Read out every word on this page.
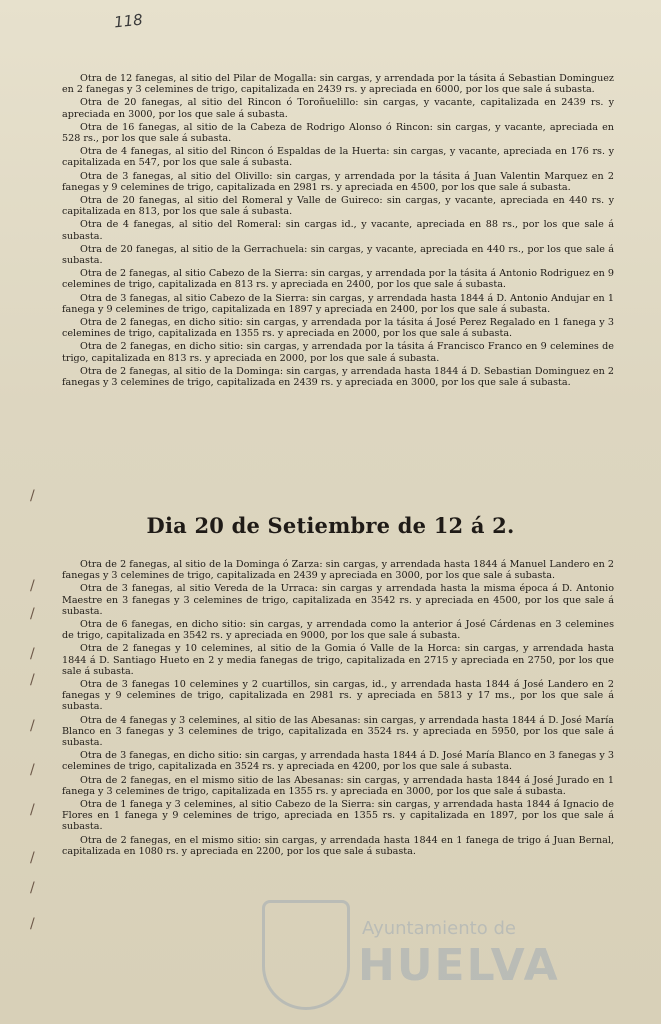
118

Otra de 12 fanegas, al sitio del Pilar de Mogalla: sin cargas, y arrendada por la tásita á Sebastian Dominguez en 2 fanegas y 3 celemines de trigo, capitalizada en 2439 rs. y apreciada en 6000, por los que sale á subasta.

Otra de 20 fanegas, al sitio del Rincon ó Toroñuelillo: sin cargas, y vacante, capitalizada en 2439 rs. y apreciada en 3000, por los que sale á subasta.

Otra de 16 fanegas, al sitio de la Cabeza de Rodrigo Alonso ó Rincon: sin cargas, y vacante, apreciada en 528 rs., por los que sale á subasta.

Otra de 4 fanegas, al sitio del Rincon ó Espaldas de la Huerta: sin cargas, y vacante, apreciada en 176 rs. y capitalizada en 547, por los que sale á subasta.

Otra de 3 fanegas, al sitio del Olivillo: sin cargas, y arrendada por la tásita á Juan Valentin Marquez en 2 fanegas y 9 celemines de trigo, capitalizada en 2981 rs. y apreciada en 4500, por los que sale á subasta.

Otra de 20 fanegas, al sitio del Romeral y Valle de Guireco: sin cargas, y vacante, apreciada en 440 rs. y capitalizada en 813, por los que sale á subasta.

Otra de 4 fanegas, al sitio del Romeral: sin cargas id., y vacante, apreciada en 88 rs., por los que sale á subasta.

Otra de 20 fanegas, al sitio de la Gerrachuela: sin cargas, y vacante, apreciada en 440 rs., por los que sale á subasta.

Otra de 2 fanegas, al sitio Cabezo de la Sierra: sin cargas, y arrendada por la tásita á Antonio Rodriguez en 9 celemines de trigo, capitalizada en 813 rs. y apreciada en 2400, por los que sale á subasta.

Otra de 3 fanegas, al sitio Cabezo de la Sierra: sin cargas, y arrendada hasta 1844 á D. Antonio Andujar en 1 fanega y 9 celemines de trigo, capitalizada en 1897 y apreciada en 2400, por los que sale á subasta.

Otra de 2 fanegas, en dicho sitio: sin cargas, y arrendada por la tásita á José Perez Regalado en 1 fanega y 3 celemines de trigo, capitalizada en 1355 rs. y apreciada en 2000, por los que sale á subasta.

Otra de 2 fanegas, en dicho sitio: sin cargas, y arrendada por la tásita á Francisco Franco en 9 celemines de trigo, capitalizada en 813 rs. y apreciada en 2000, por los que sale á subasta.

Otra de 2 fanegas, al sitio de la Dominga: sin cargas, y arrendada hasta 1844 á D. Sebastian Dominguez en 2 fanegas y 3 celemines de trigo, capitalizada en 2439 rs. y apreciada en 3000, por los que sale á subasta.

Dia 20 de Setiembre de 12 á 2.

Otra de 2 fanegas, al sitio de la Dominga ó Zarza: sin cargas, y arrendada hasta 1844 á Manuel Landero en 2 fanegas y 3 celemines de trigo, capitalizada en 2439 y apreciada en 3000, por los que sale á subasta.

Otra de 3 fanegas, al sitio Vereda de la Urraca: sin cargas y arrendada hasta la misma época á D. Antonio Maestre en 3 fanegas y 3 celemines de trigo, capitalizada en 3542 rs. y apreciada en 4500, por los que sale á subasta.

Otra de 6 fanegas, en dicho sitio: sin cargas, y arrendada como la anterior á José Cárdenas en 3 celemines de trigo, capitalizada en 3542 rs. y apreciada en 9000, por los que sale á subasta.

Otra de 2 fanegas y 10 celemines, al sitio de la Gomia ó Valle de la Horca: sin cargas, y arrendada hasta 1844 á D. Santiago Hueto en 2 y media fanegas de trigo, capitalizada en 2715 y apreciada en 2750, por los que sale á subasta.

Otra de 3 fanegas 10 celemines y 2 cuartillos, sin cargas, id., y arrendada hasta 1844 á José Landero en 2 fanegas y 9 celemines de trigo, capitalizada en 2981 rs. y apreciada en 5813 y 17 ms., por los que sale á subasta.

Otra de 4 fanegas y 3 celemines, al sitio de las Abesanas: sin cargas, y arrendada hasta 1844 á D. José María Blanco en 3 fanegas y 3 celemines de trigo, capitalizada en 3524 rs. y apreciada en 5950, por los que sale á subasta.

Otra de 3 fanegas, en dicho sitio: sin cargas, y arrendada hasta 1844 á D. José María Blanco en 3 fanegas y 3 celemines de trigo, capitalizada en 3524 rs. y apreciada en 4200, por los que sale á subasta.

Otra de 2 fanegas, en el mismo sitio de las Abesanas: sin cargas, y arrendada hasta 1844 á José Jurado en 1 fanega y 3 celemines de trigo, capitalizada en 1355 rs. y apreciada en 3000, por los que sale á subasta.

Otra de 1 fanega y 3 celemines, al sitio Cabezo de la Sierra: sin cargas, y arrendada hasta 1844 á Ignacio de Flores en 1 fanega y 9 celemines de trigo, apreciada en 1355 rs. y capitalizada en 1897, por los que sale á subasta.

Otra de 2 fanegas, en el mismo sitio: sin cargas, y arrendada hasta 1844 en 1 fanega de trigo á Juan Bernal, capitalizada en 1080 rs. y apreciada en 2200, por los que sale á subasta.

/
/
/
/
/
/
/
/
/
/
/	Ayuntamiento de
HUELVA
